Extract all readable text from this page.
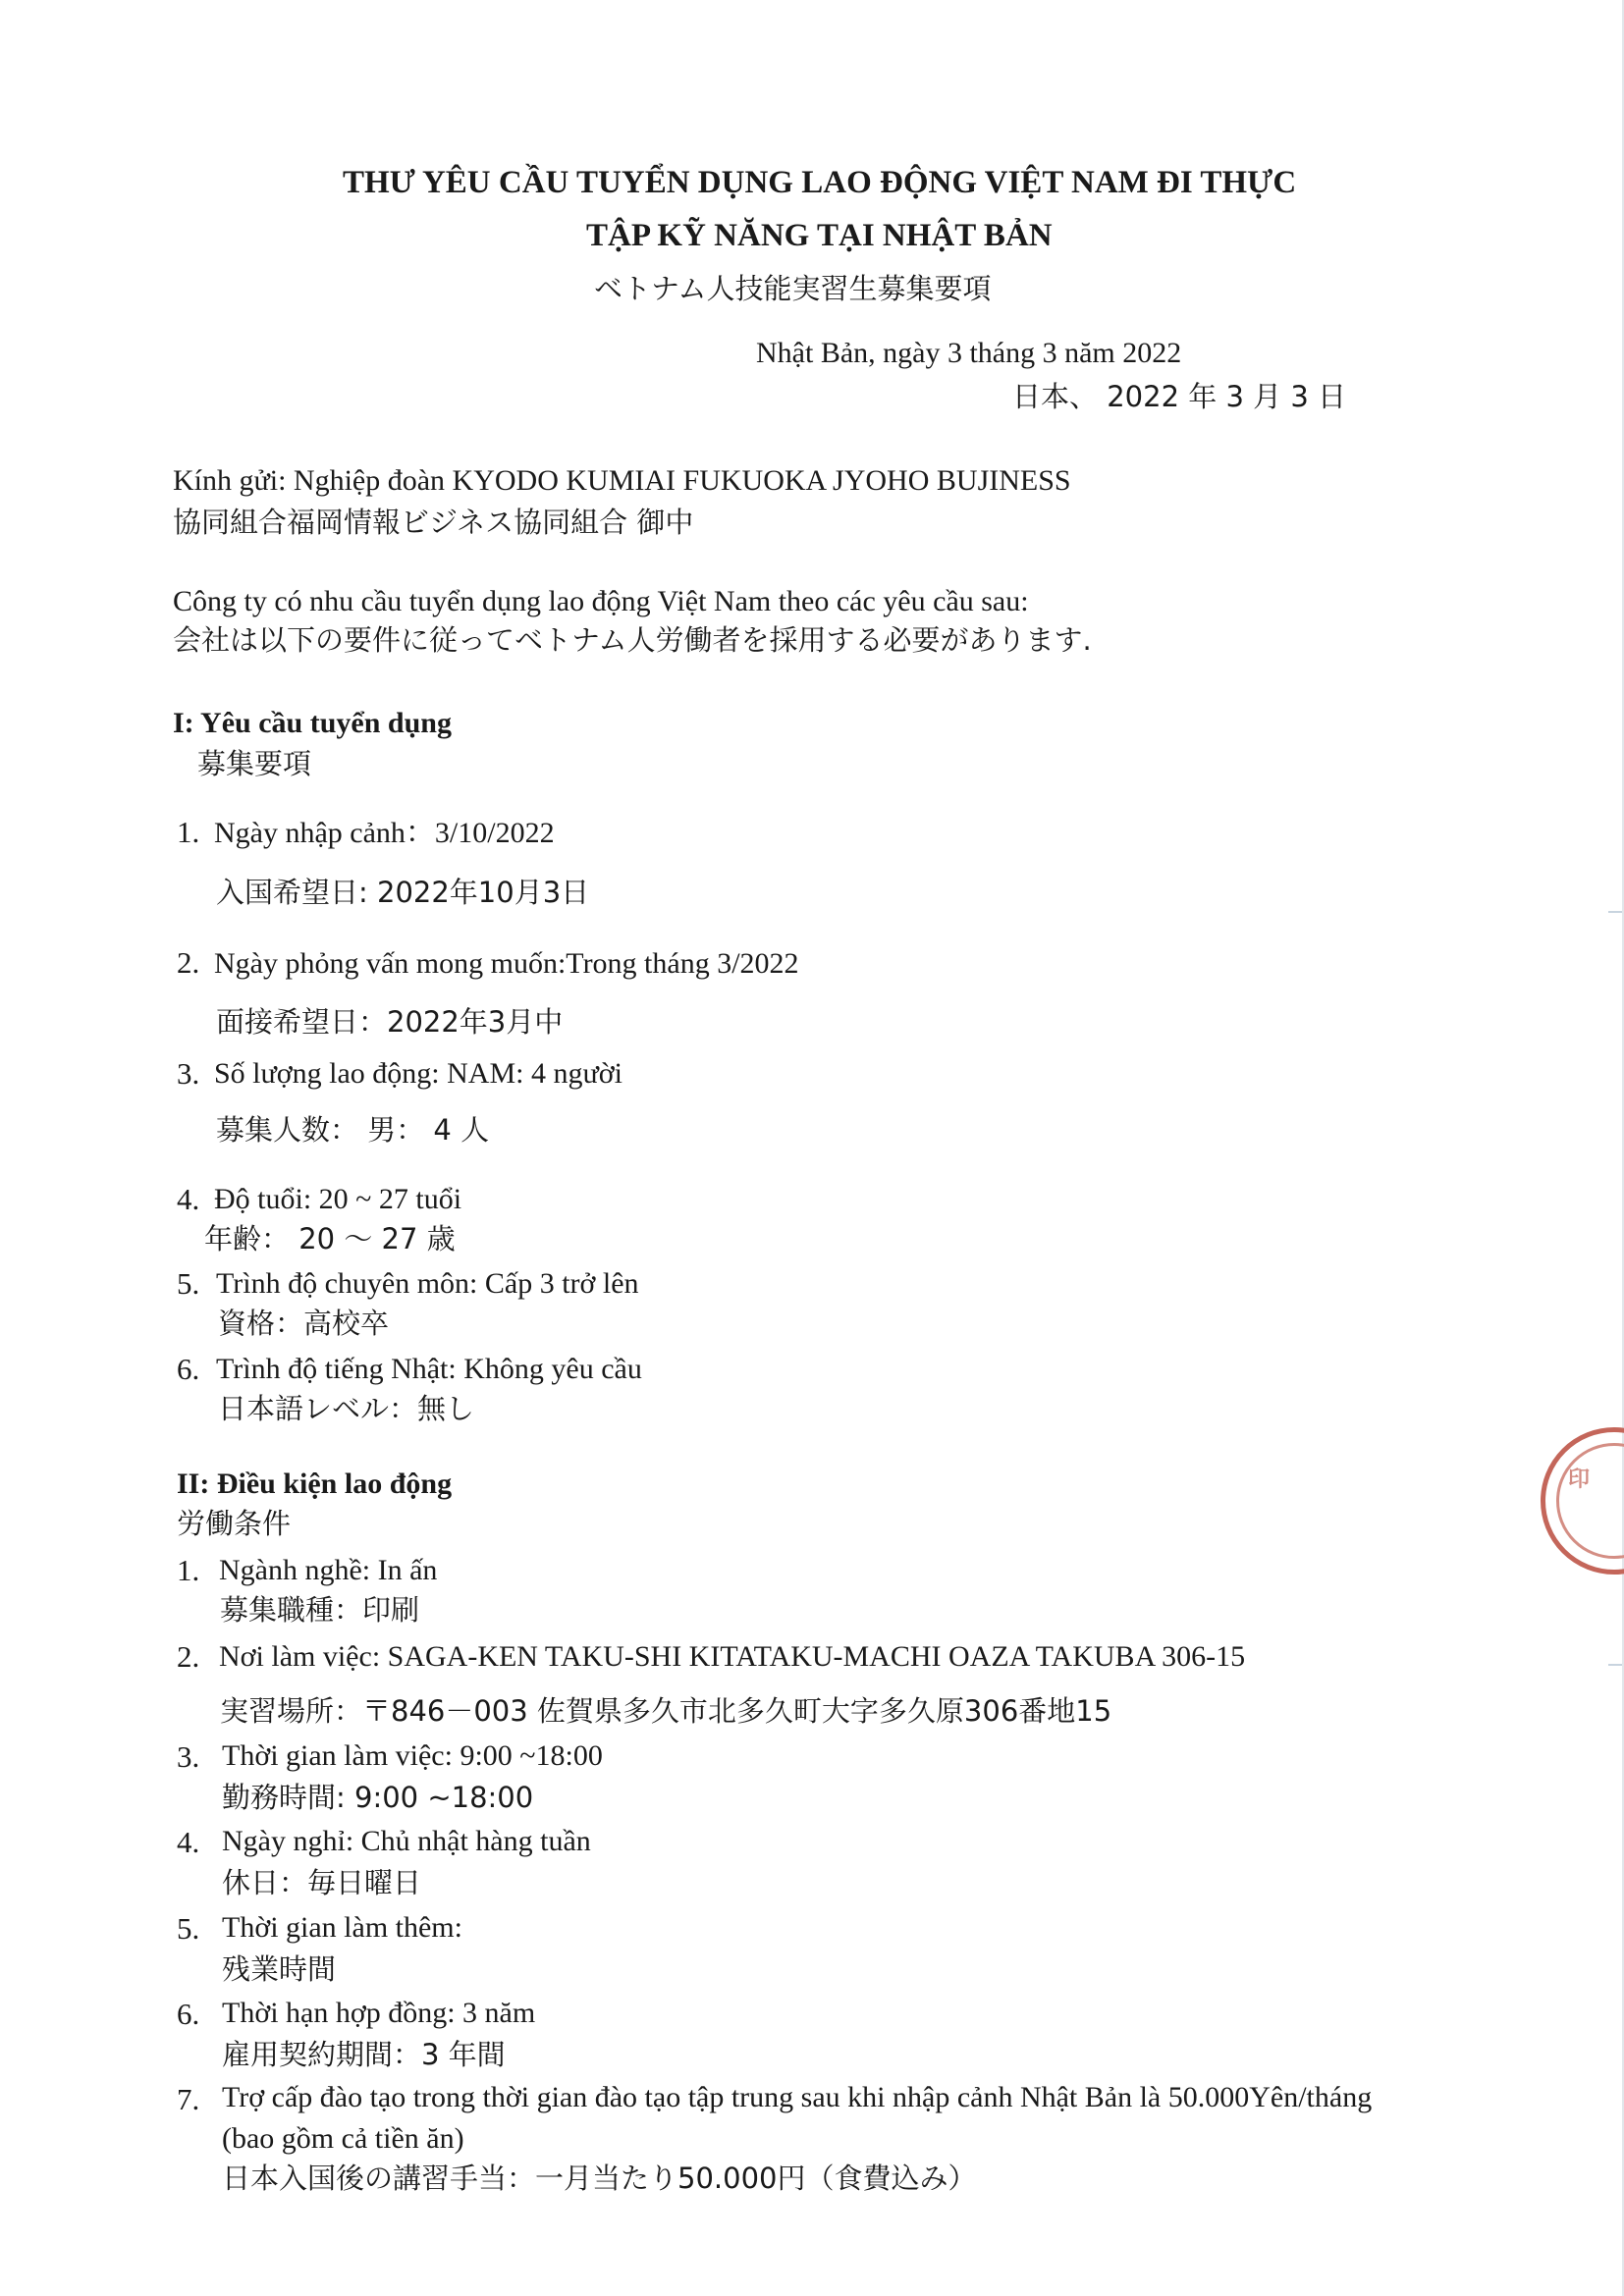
THƯ YÊU CẦU TUYỂN DỤNG LAO ĐỘNG VIỆT NAM ĐI THỰC
TẬP KỸ NĂNG TẠI NHẬT BẢN
ベトナム人技能実習生募集要項
Nhật Bản, ngày 3 tháng 3 năm 2022
日本、 2022 年 3 月 3 日
Kính gửi: Nghiệp đoàn KYODO KUMIAI FUKUOKA JYOHO BUJINESS
協同組合福岡情報ビジネス協同組合 御中
Công ty có nhu cầu tuyển dụng lao động Việt Nam theo các yêu cầu sau:
会社は以下の要件に従ってベトナム人労働者を採用する必要があります.
I: Yêu cầu tuyển dụng
募集要項
1. Ngày nhập cảnh：3/10/2022
入国希望日: 2022年10月3日
2. Ngày phỏng vấn mong muốn:Trong tháng 3/2022
面接希望日：2022年3月中
3. Số lượng lao động: NAM: 4 người
募集人数： 男： 4 人
4. Độ tuổi: 20 ~ 27 tuổi
年齢： 20 ～ 27 歳
5. Trình độ chuyên môn: Cấp 3 trở lên
資格：高校卒
6. Trình độ tiếng Nhật: Không yêu cầu
日本語レベル：無し
II: Điều kiện lao động
労働条件
1. Ngành nghề: In ấn
募集職種：印刷
2. Nơi làm việc: SAGA-KEN TAKU-SHI KITATAKU-MACHI OAZA TAKUBA 306-15
実習場所：〒846－003 佐賀県多久市北多久町大字多久原306番地15
3. Thời gian làm việc: 9:00 ~18:00
勤務時間: 9:00 ~18:00
4. Ngày nghỉ: Chủ nhật hàng tuần
休日：毎日曜日
5. Thời gian làm thêm:
残業時間
6. Thời hạn hợp đồng: 3 năm
雇用契約期間：3 年間
7. Trợ cấp đào tạo trong thời gian đào tạo tập trung sau khi nhập cảnh Nhật Bản là 50.000Yên/tháng
(bao gồm cả tiền ăn)
日本入国後の講習手当：一月当たり50.000円（食費込み）
印
